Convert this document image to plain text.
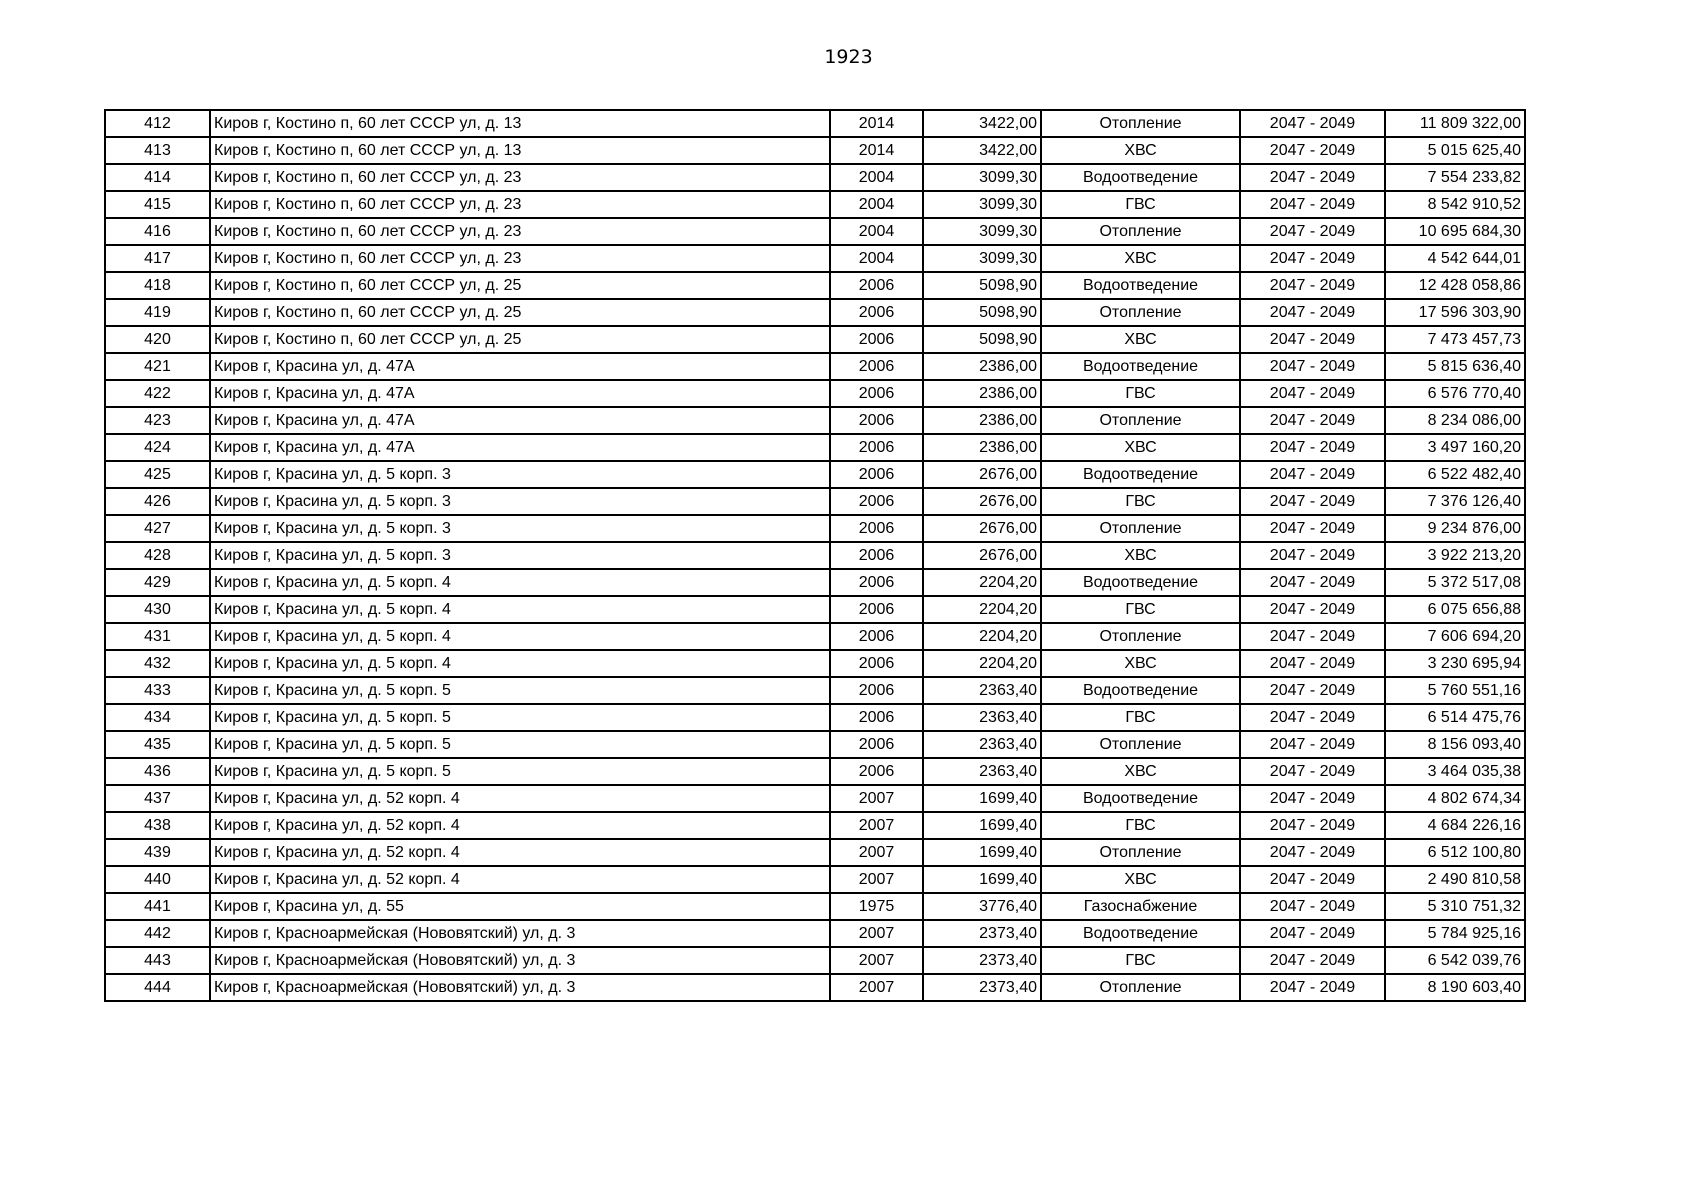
1923
412	Киров г, Костино п, 60 лет СССР ул, д. 13	2014	3422,00	Отопление	2047 - 2049	11 809 322,00
413	Киров г, Костино п, 60 лет СССР ул, д. 13	2014	3422,00	ХВС	2047 - 2049	5 015 625,40
414	Киров г, Костино п, 60 лет СССР ул, д. 23	2004	3099,30	Водоотведение	2047 - 2049	7 554 233,82
415	Киров г, Костино п, 60 лет СССР ул, д. 23	2004	3099,30	ГВС	2047 - 2049	8 542 910,52
416	Киров г, Костино п, 60 лет СССР ул, д. 23	2004	3099,30	Отопление	2047 - 2049	10 695 684,30
417	Киров г, Костино п, 60 лет СССР ул, д. 23	2004	3099,30	ХВС	2047 - 2049	4 542 644,01
418	Киров г, Костино п, 60 лет СССР ул, д. 25	2006	5098,90	Водоотведение	2047 - 2049	12 428 058,86
419	Киров г, Костино п, 60 лет СССР ул, д. 25	2006	5098,90	Отопление	2047 - 2049	17 596 303,90
420	Киров г, Костино п, 60 лет СССР ул, д. 25	2006	5098,90	ХВС	2047 - 2049	7 473 457,73
421	Киров г, Красина ул, д. 47А	2006	2386,00	Водоотведение	2047 - 2049	5 815 636,40
422	Киров г, Красина ул, д. 47А	2006	2386,00	ГВС	2047 - 2049	6 576 770,40
423	Киров г, Красина ул, д. 47А	2006	2386,00	Отопление	2047 - 2049	8 234 086,00
424	Киров г, Красина ул, д. 47А	2006	2386,00	ХВС	2047 - 2049	3 497 160,20
425	Киров г, Красина ул, д. 5 корп. 3	2006	2676,00	Водоотведение	2047 - 2049	6 522 482,40
426	Киров г, Красина ул, д. 5 корп. 3	2006	2676,00	ГВС	2047 - 2049	7 376 126,40
427	Киров г, Красина ул, д. 5 корп. 3	2006	2676,00	Отопление	2047 - 2049	9 234 876,00
428	Киров г, Красина ул, д. 5 корп. 3	2006	2676,00	ХВС	2047 - 2049	3 922 213,20
429	Киров г, Красина ул, д. 5 корп. 4	2006	2204,20	Водоотведение	2047 - 2049	5 372 517,08
430	Киров г, Красина ул, д. 5 корп. 4	2006	2204,20	ГВС	2047 - 2049	6 075 656,88
431	Киров г, Красина ул, д. 5 корп. 4	2006	2204,20	Отопление	2047 - 2049	7 606 694,20
432	Киров г, Красина ул, д. 5 корп. 4	2006	2204,20	ХВС	2047 - 2049	3 230 695,94
433	Киров г, Красина ул, д. 5 корп. 5	2006	2363,40	Водоотведение	2047 - 2049	5 760 551,16
434	Киров г, Красина ул, д. 5 корп. 5	2006	2363,40	ГВС	2047 - 2049	6 514 475,76
435	Киров г, Красина ул, д. 5 корп. 5	2006	2363,40	Отопление	2047 - 2049	8 156 093,40
436	Киров г, Красина ул, д. 5 корп. 5	2006	2363,40	ХВС	2047 - 2049	3 464 035,38
437	Киров г, Красина ул, д. 52 корп. 4	2007	1699,40	Водоотведение	2047 - 2049	4 802 674,34
438	Киров г, Красина ул, д. 52 корп. 4	2007	1699,40	ГВС	2047 - 2049	4 684 226,16
439	Киров г, Красина ул, д. 52 корп. 4	2007	1699,40	Отопление	2047 - 2049	6 512 100,80
440	Киров г, Красина ул, д. 52 корп. 4	2007	1699,40	ХВС	2047 - 2049	2 490 810,58
441	Киров г, Красина ул, д. 55	1975	3776,40	Газоснабжение	2047 - 2049	5 310 751,32
442	Киров г, Красноармейская (Нововятский) ул, д. 3	2007	2373,40	Водоотведение	2047 - 2049	5 784 925,16
443	Киров г, Красноармейская (Нововятский) ул, д. 3	2007	2373,40	ГВС	2047 - 2049	6 542 039,76
444	Киров г, Красноармейская (Нововятский) ул, д. 3	2007	2373,40	Отопление	2047 - 2049	8 190 603,40
